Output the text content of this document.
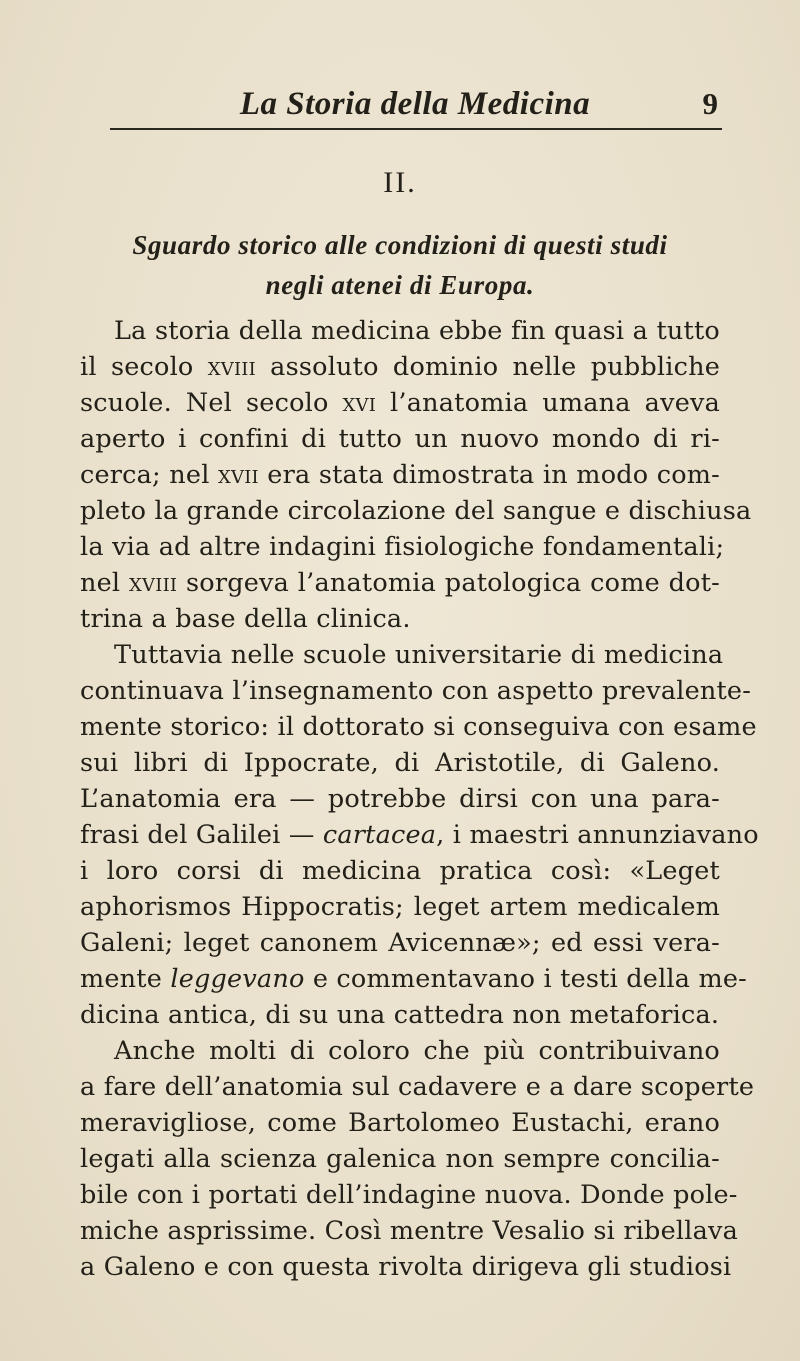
La Storia della Medicina	9
II.
Sguardo storico alle condizioni di questi studi
negli atenei di Europa.
La storia della medicina ebbe fin quasi a tutto
il secolo xviii assoluto dominio nelle pubbliche
scuole. Nel secolo xvi l’anatomia umana aveva
aperto i confini di tutto un nuovo mondo di ri-
cerca; nel xvii era stata dimostrata in modo com-
pleto la grande circolazione del sangue e dischiusa
la via ad altre indagini fisiologiche fondamentali;
nel xviii sorgeva l’anatomia patologica come dot-
trina a base della clinica.
Tuttavia nelle scuole universitarie di medicina
continuava l’insegnamento con aspetto prevalente-
mente storico: il dottorato si conseguiva con esame
sui libri di Ippocrate, di Aristotile, di Galeno.
L’anatomia era — potrebbe dirsi con una para-
frasi del Galilei — cartacea, i maestri annunziavano
i loro corsi di medicina pratica così: «Leget
aphorismos Hippocratis; leget artem medicalem
Galeni; leget canonem Avicennæ»; ed essi vera-
mente leggevano e commentavano i testi della me-
dicina antica, di su una cattedra non metaforica.
Anche molti di coloro che più contribuivano
a fare dell’anatomia sul cadavere e a dare scoperte
meravigliose, come Bartolomeo Eustachi, erano
legati alla scienza galenica non sempre concilia-
bile con i portati dell’indagine nuova. Donde pole-
miche asprissime. Così mentre Vesalio si ribellava
a Galeno e con questa rivolta dirigeva gli studiosi
